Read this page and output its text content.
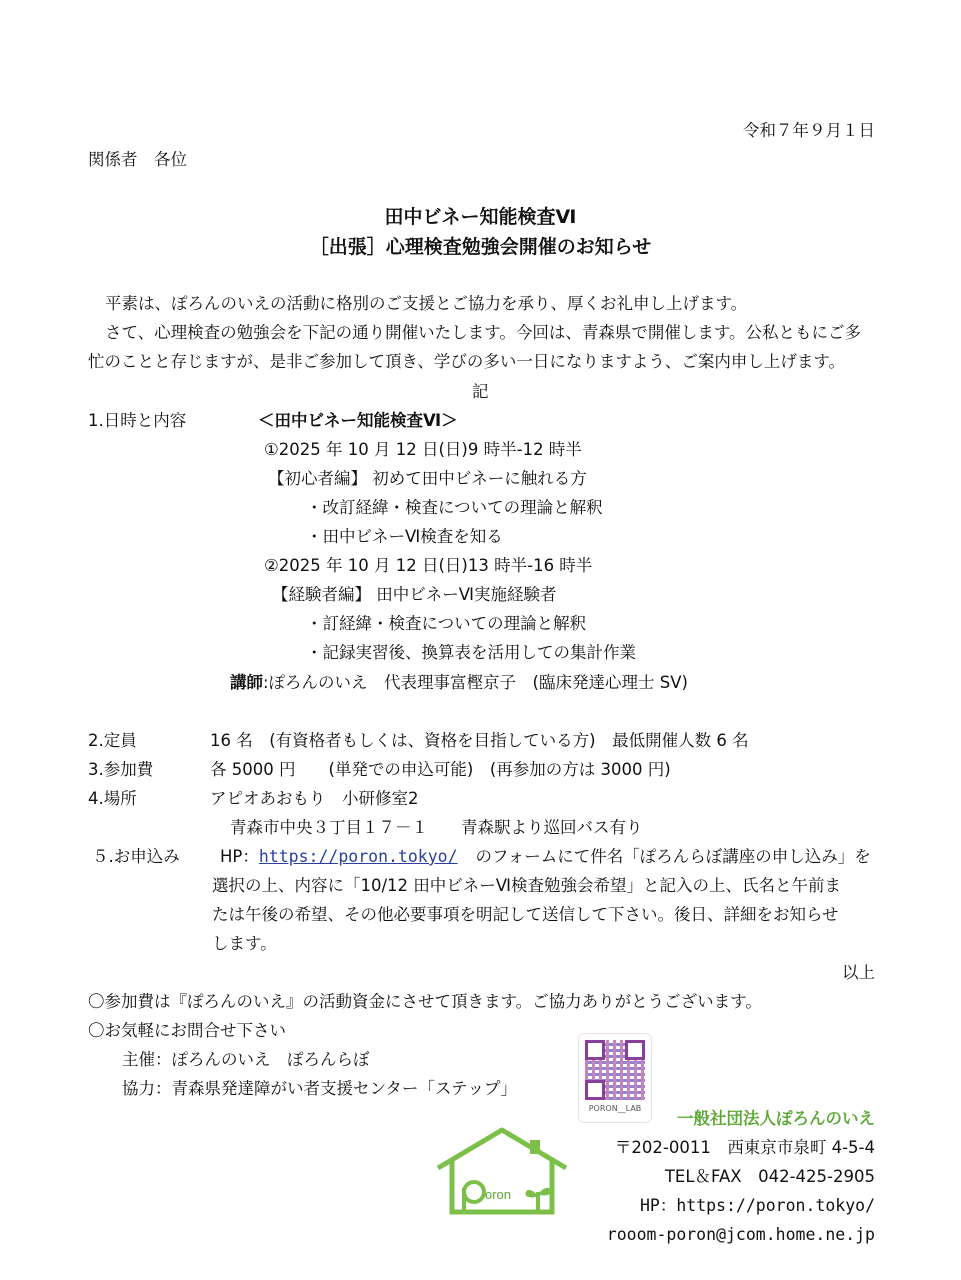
令和７年９月１日
関係者　各位
田中ビネー知能検査Ⅵ
［出張］心理検査勉強会開催のお知らせ
平素は、ぽろんのいえの活動に格別のご支援とご協力を承り、厚くお礼申し上げます。
さて、心理検査の勉強会を下記の通り開催いたします。今回は、青森県で開催します。公私ともにご多
忙のことと存じますが、是非ご参加して頂き、学びの多い一日になりますよう、ご案内申し上げます。
記
1.日時と内容	＜田中ビネー知能検査Ⅵ＞
①2025 年 10 月 12 日(日)9 時半-12 時半
【初心者編】 初めて田中ビネーに触れる方
・改訂経緯・検査についての理論と解釈
・田中ビネーⅥ検査を知る
②2025 年 10 月 12 日(日)13 時半-16 時半
【経験者編】 田中ビネーⅥ実施経験者
・訂経緯・検査についての理論と解釈
・記録実習後、換算表を活用しての集計作業
講師:ぽろんのいえ　代表理事富樫京子　(臨床発達心理士 SV)
2.定員	16 名　(有資格者もしくは、資格を目指している方)　最低開催人数 6 名
3.参加費	各 5000 円　　(単発での申込可能)　(再参加の方は 3000 円)
4.場所	アピオあおもり　小研修室2
青森市中央３丁目１７－１　　青森駅より巡回バス有り
５.お申込み HP：https://poron.tokyo/ のフォームにて件名「ぽろんらぼ講座の申し込み」を
選択の上、内容に「10/12 田中ビネーⅥ検査勉強会希望」と記入の上、氏名と午前ま
たは午後の希望、その他必要事項を明記して送信して下さい。後日、詳細をお知らせ
します。
以上
〇参加費は『ぽろんのいえ』の活動資金にさせて頂きます。ご協力ありがとうございます。
〇お気軽にお問合せ下さい
主催：ぽろんのいえ　ぽろんらぼ
協力：青森県発達障がい者支援センター「ステップ」
PORON__LAB
一般社団法人ぽろんのいえ
〒202-0011　西東京市泉町 4-5-4
TEL＆FAX　042-425-2905
HP：https://poron.tokyo/
rooom-poron@jcom.home.ne.jp
oron
